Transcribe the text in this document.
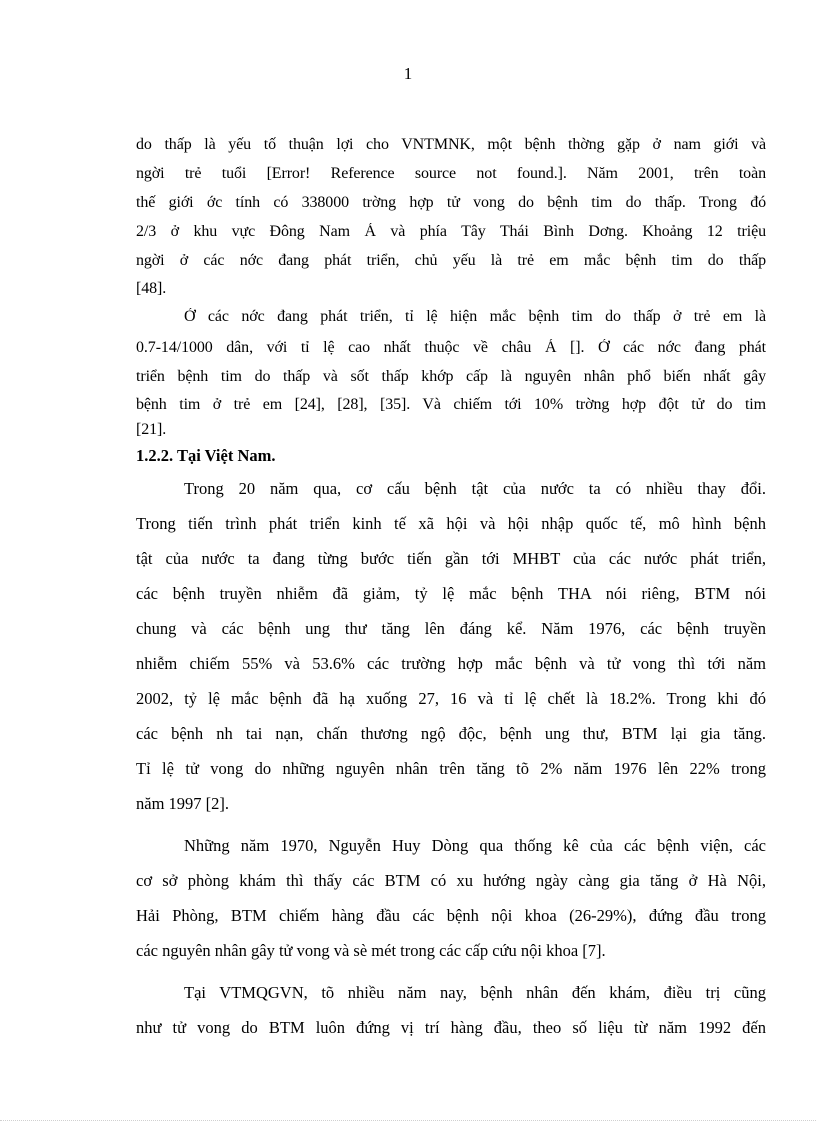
1
do thấp là yếu tố thuận lợi cho VNTMNK, một bệnh thờng gặp ở nam giới và
ngời trẻ tuổi [Error! Reference source not found.]. Năm 2001, trên toàn
thế giới ớc tính có 338000 trờng hợp tử vong do bệnh tim do thấp. Trong đó
2/3 ở khu vực Đông Nam Á và phía Tây Thái Bình Dơng. Khoảng 12 triệu
ngời ở các nớc đang phát triển, chủ yếu là trẻ em mắc bệnh tim do thấp
[48].
Ở các nớc đang phát triển, tỉ lệ hiện mắc bệnh tim do thấp ở trẻ em là
0.7-14/1000 dân, với tỉ lệ cao nhất thuộc về châu Á []. Ở các nớc đang phát
triển bệnh tim do thấp và sốt thấp khớp cấp là nguyên nhân phổ biến nhất gây
bệnh tim ở trẻ em [24], [28], [35]. Và chiếm tới 10% trờng hợp đột tử do tim
[21].
1.2.2. Tại Việt Nam.
Trong 20 năm qua, cơ cấu bệnh tật của nước ta có nhiều thay đổi.
Trong tiến trình phát triển kinh tế xã hội và hội nhập quốc tế, mô hình bệnh
tật của nước ta đang từng bước tiến gần tới MHBT của các nước phát triển,
các bệnh truyền nhiễm đã giảm, tỷ lệ mắc bệnh THA nói riêng, BTM nói
chung và các bệnh ung thư tăng lên đáng kể. Năm 1976, các bệnh truyền
nhiễm chiếm 55% và 53.6% các trường hợp mắc bệnh và tử vong thì tới năm
2002, tỷ lệ mắc bệnh đã hạ xuống 27, 16 và tỉ lệ chết là 18.2%. Trong khi đó
các bệnh nh tai nạn, chấn thương ngộ độc, bệnh ung thư, BTM lại gia tăng.
Tỉ lệ tử vong do những nguyên nhân trên tăng tõ 2% năm 1976 lên 22% trong
năm 1997 [2].
Những năm 1970, Nguyễn Huy Dòng qua thống kê của các bệnh viện, các
cơ sở phòng khám thì thấy các BTM có xu hướng ngày càng gia tăng ở Hà Nội,
Hải Phòng, BTM chiếm hàng đầu các bệnh nội khoa (26-29%), đứng đầu trong
các nguyên nhân gây tử vong và sè mét trong các cấp cứu nội khoa [7].
Tại VTMQGVN, tõ nhiều năm nay, bệnh nhân đến khám, điều trị cũng
như tử vong do BTM luôn đứng vị trí hàng đầu, theo số liệu từ năm 1992 đến
